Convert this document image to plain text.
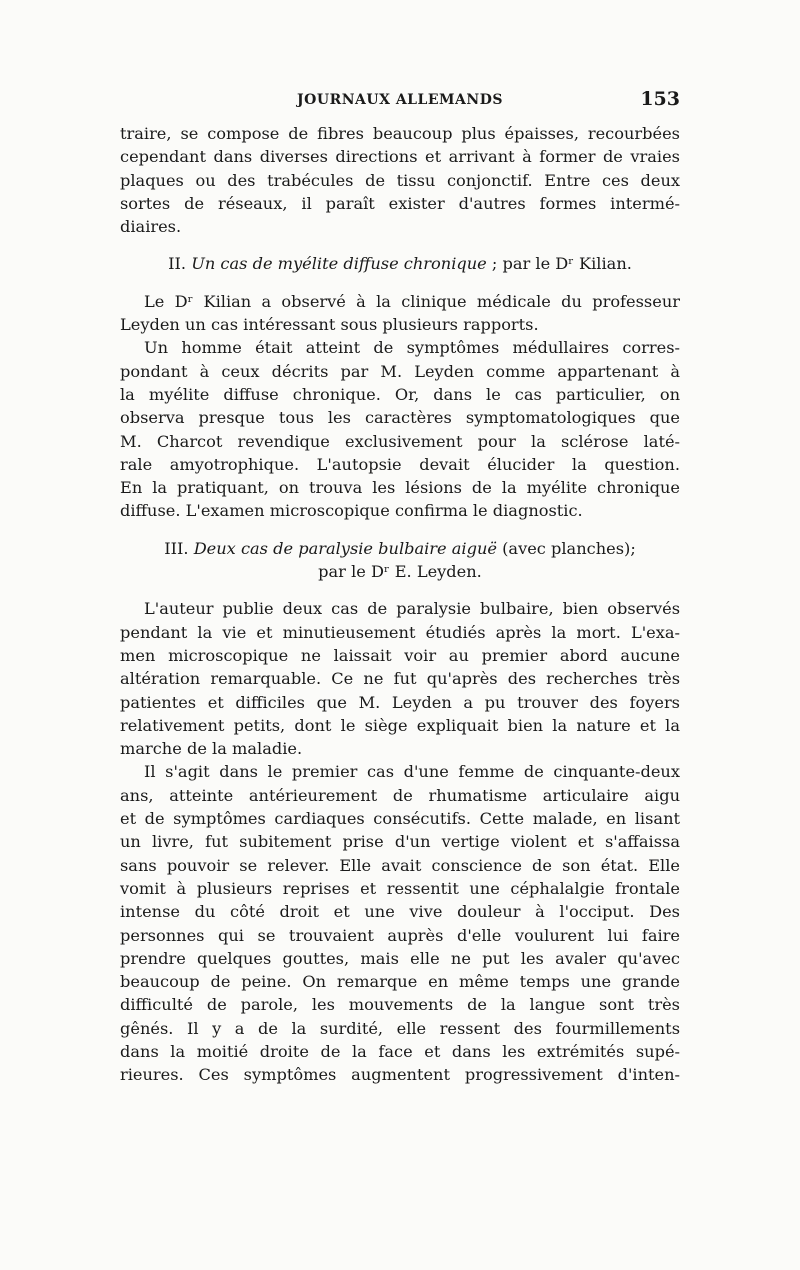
JOURNAUX ALLEMANDS	153
traire, se compose de fibres beaucoup plus épaisses, recourbées
cependant dans diverses directions et arrivant à former de vraies
plaques ou des trabécules de tissu conjonctif. Entre ces deux
sortes de réseaux, il paraît exister d'autres formes intermé-
diaires.
II. Un cas de myélite diffuse chronique ; par le Dʳ Kilian.
Le Dʳ Kilian a observé à la clinique médicale du professeur
Leyden un cas intéressant sous plusieurs rapports.
Un homme était atteint de symptômes médullaires corres-
pondant à ceux décrits par M. Leyden comme appartenant à
la myélite diffuse chronique. Or, dans le cas particulier, on
observa presque tous les caractères symptomatologiques que
M. Charcot revendique exclusivement pour la sclérose laté-
rale amyotrophique. L'autopsie devait élucider la question.
En la pratiquant, on trouva les lésions de la myélite chronique
diffuse. L'examen microscopique confirma le diagnostic.
III. Deux cas de paralysie bulbaire aiguë (avec planches);
par le Dʳ E. Leyden.
L'auteur publie deux cas de paralysie bulbaire, bien observés
pendant la vie et minutieusement étudiés après la mort. L'exa-
men microscopique ne laissait voir au premier abord aucune
altération remarquable. Ce ne fut qu'après des recherches très
patientes et difficiles que M. Leyden a pu trouver des foyers
relativement petits, dont le siège expliquait bien la nature et la
marche de la maladie.
Il s'agit dans le premier cas d'une femme de cinquante-deux
ans, atteinte antérieurement de rhumatisme articulaire aigu
et de symptômes cardiaques consécutifs. Cette malade, en lisant
un livre, fut subitement prise d'un vertige violent et s'affaissa
sans pouvoir se relever. Elle avait conscience de son état. Elle
vomit à plusieurs reprises et ressentit une céphalalgie frontale
intense du côté droit et une vive douleur à l'occiput. Des
personnes qui se trouvaient auprès d'elle voulurent lui faire
prendre quelques gouttes, mais elle ne put les avaler qu'avec
beaucoup de peine. On remarque en même temps une grande
difficulté de parole, les mouvements de la langue sont très
gênés. Il y a de la surdité, elle ressent des fourmillements
dans la moitié droite de la face et dans les extrémités supé-
rieures. Ces symptômes augmentent progressivement d'inten-
